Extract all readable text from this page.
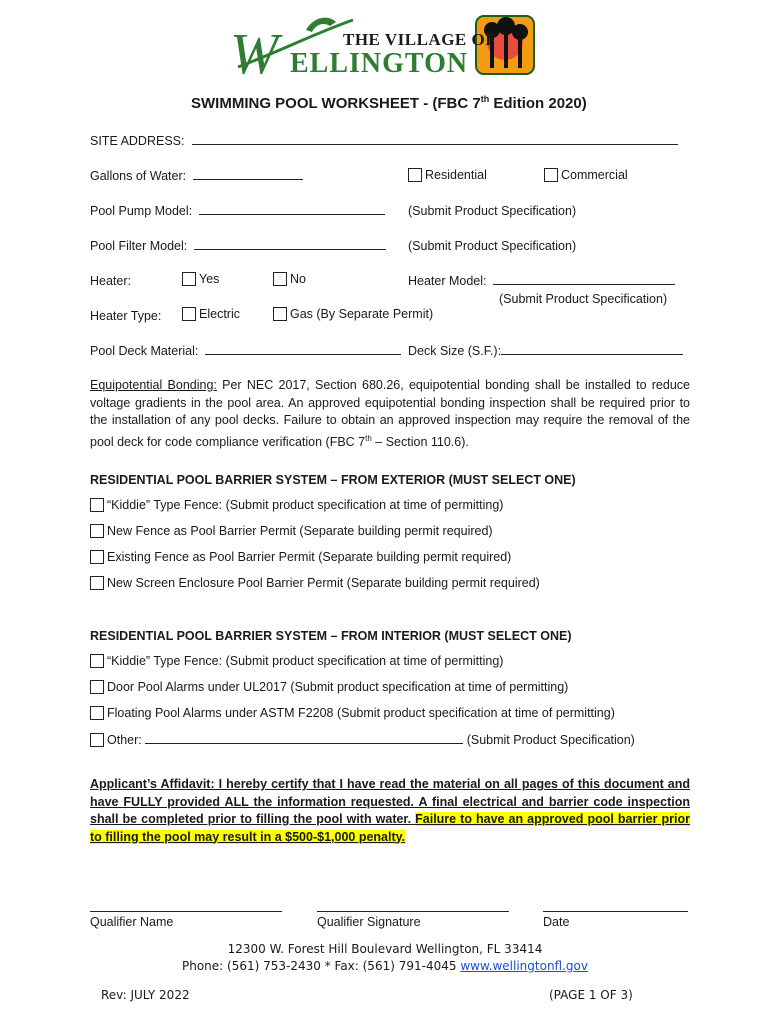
W	THE VILLAGE OF
ELLINGTON
SWIMMING POOL WORKSHEET - (FBC 7th Edition 2020)
SITE ADDRESS:
Gallons of Water:	Residential	Commercial
Pool Pump Model:	(Submit Product Specification)
Pool Filter Model:	(Submit Product Specification)
Heater:	Yes	No	Heater Model:
(Submit Product Specification)
Heater Type:	Electric	Gas (By Separate Permit)
Pool Deck Material:	Deck Size (S.F.):
Equipotential Bonding: Per NEC 2017, Section 680.26, equipotential bonding shall be installed to reduce voltage gradients in the pool area. An approved equipotential bonding inspection shall be required prior to the installation of any pool decks. Failure to obtain an approved inspection may require the removal of the pool deck for code compliance verification (FBC 7th – Section 110.6).
RESIDENTIAL POOL BARRIER SYSTEM – FROM EXTERIOR (MUST SELECT ONE)
“Kiddie” Type Fence: (Submit product specification at time of permitting)
New Fence as Pool Barrier Permit (Separate building permit required)
Existing Fence as Pool Barrier Permit (Separate building permit required)
New Screen Enclosure Pool Barrier Permit (Separate building permit required)
RESIDENTIAL POOL BARRIER SYSTEM – FROM INTERIOR (MUST SELECT ONE)
“Kiddie” Type Fence: (Submit product specification at time of permitting)
Door Pool Alarms under UL2017 (Submit product specification at time of permitting)
Floating Pool Alarms under ASTM F2208 (Submit product specification at time of permitting)
Other:	(Submit Product Specification)
Applicant’s Affidavit: I hereby certify that I have read the material on all pages of this document and have FULLY provided ALL the information requested. A final electrical and barrier code inspection shall be completed prior to filling the pool with water. Failure to have an approved pool barrier prior to filling the pool may result in a $500-$1,000 penalty.
Qualifier Name	Qualifier Signature	Date
12300 W. Forest Hill Boulevard Wellington, FL 33414
Phone: (561) 753-2430 * Fax: (561) 791-4045 www.wellingtonfl.gov
Rev: JULY 2022	(PAGE 1 OF 3)
